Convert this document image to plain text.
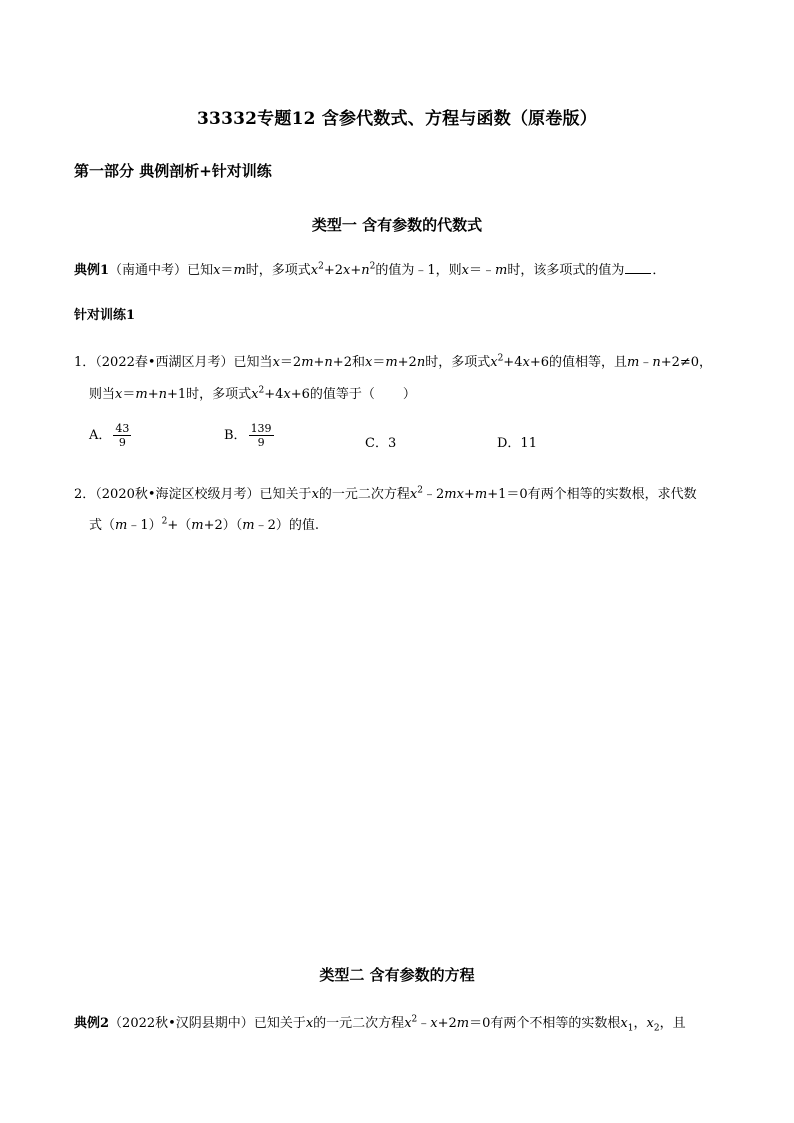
33332专题12 含参代数式、方程与函数（原卷版）
第一部分 典例剖析+针对训练
类型一 含有参数的代数式
典例1（南通中考）已知x＝m时，多项式$x^2+2x+n^2$的值为﹣1，则x＝﹣m时，该多项式的值为 ．
针对训练1
1．（2022春•西湖区月考）已知当x＝2m+n+2和x＝m+2n时，多项式$x^2+4x+6$的值相等，且m﹣n+2≠0，
则当x＝m+n+1时，多项式$x^2+4x+6$的值等于（ ）
A． $\frac{43}{9}$	B． $\frac{139}{9}$	C．3	D．11
2．（2020秋•海淀区校级月考）已知关于x的一元二次方程$x^2﹣2mx+m+1=0$有两个相等的实数根，求代数
式（m﹣1）$^2$+（m+2）（m﹣2）的值.
类型二 含有参数的方程
典例2（2022秋•汉阴县期中）已知关于x的一元二次方程$x^2﹣x+2m=0$有两个不相等的实数根$x_1$，$x_2$，且
